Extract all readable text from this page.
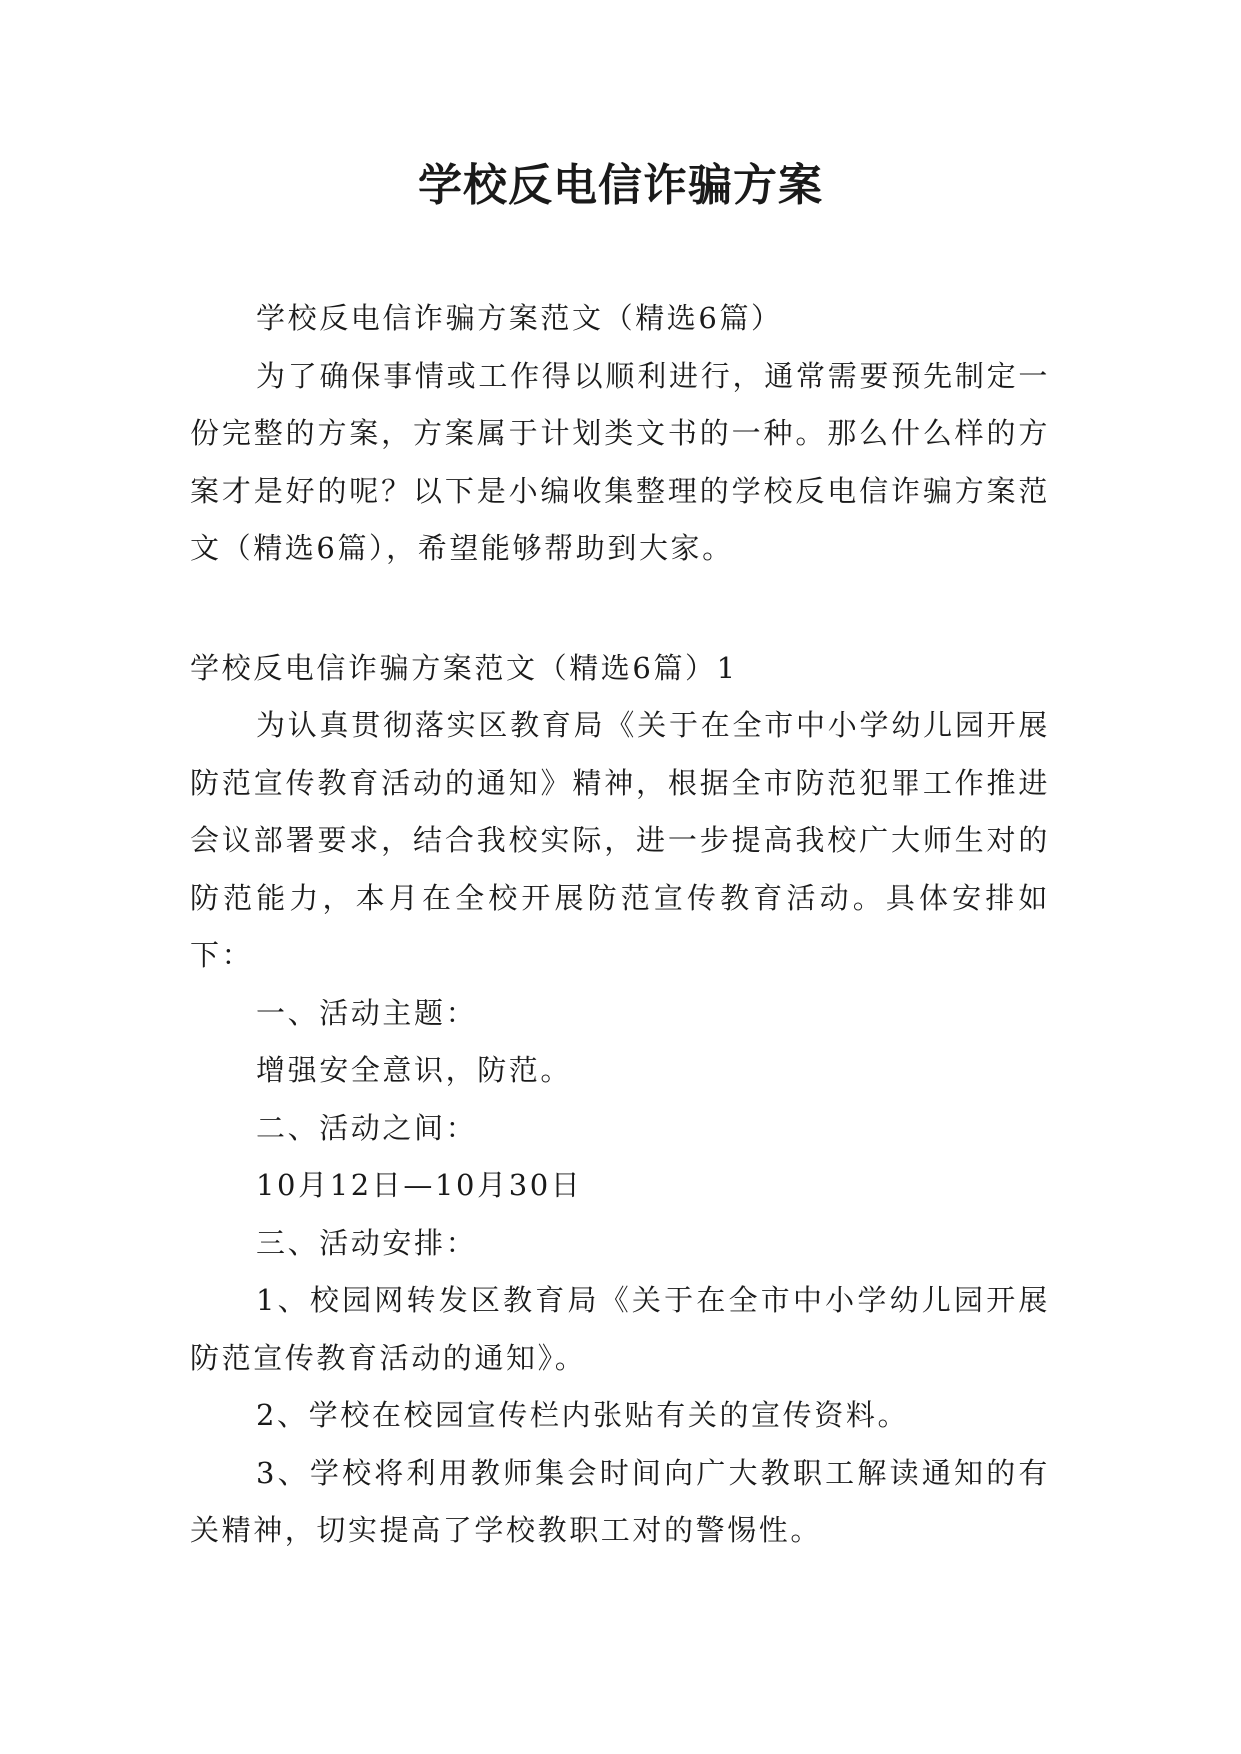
学校反电信诈骗方案

学校反电信诈骗方案范文（精选6篇）

为了确保事情或工作得以顺利进行，通常需要预先制定一份完整的方案，方案属于计划类文书的一种。那么什么样的方案才是好的呢？以下是小编收集整理的学校反电信诈骗方案范文（精选6篇），希望能够帮助到大家。

学校反电信诈骗方案范文（精选6篇）1

为认真贯彻落实区教育局《关于在全市中小学幼儿园开展防范宣传教育活动的通知》精神，根据全市防范犯罪工作推进会议部署要求，结合我校实际，进一步提高我校广大师生对的防范能力，本月在全校开展防范宣传教育活动。具体安排如下：

一、活动主题：

增强安全意识，防范。

二、活动之间：

10月12日—10月30日

三、活动安排：

1、校园网转发区教育局《关于在全市中小学幼儿园开展防范宣传教育活动的通知》。

2、学校在校园宣传栏内张贴有关的宣传资料。

3、学校将利用教师集会时间向广大教职工解读通知的有关精神，切实提高了学校教职工对的警惕性。
